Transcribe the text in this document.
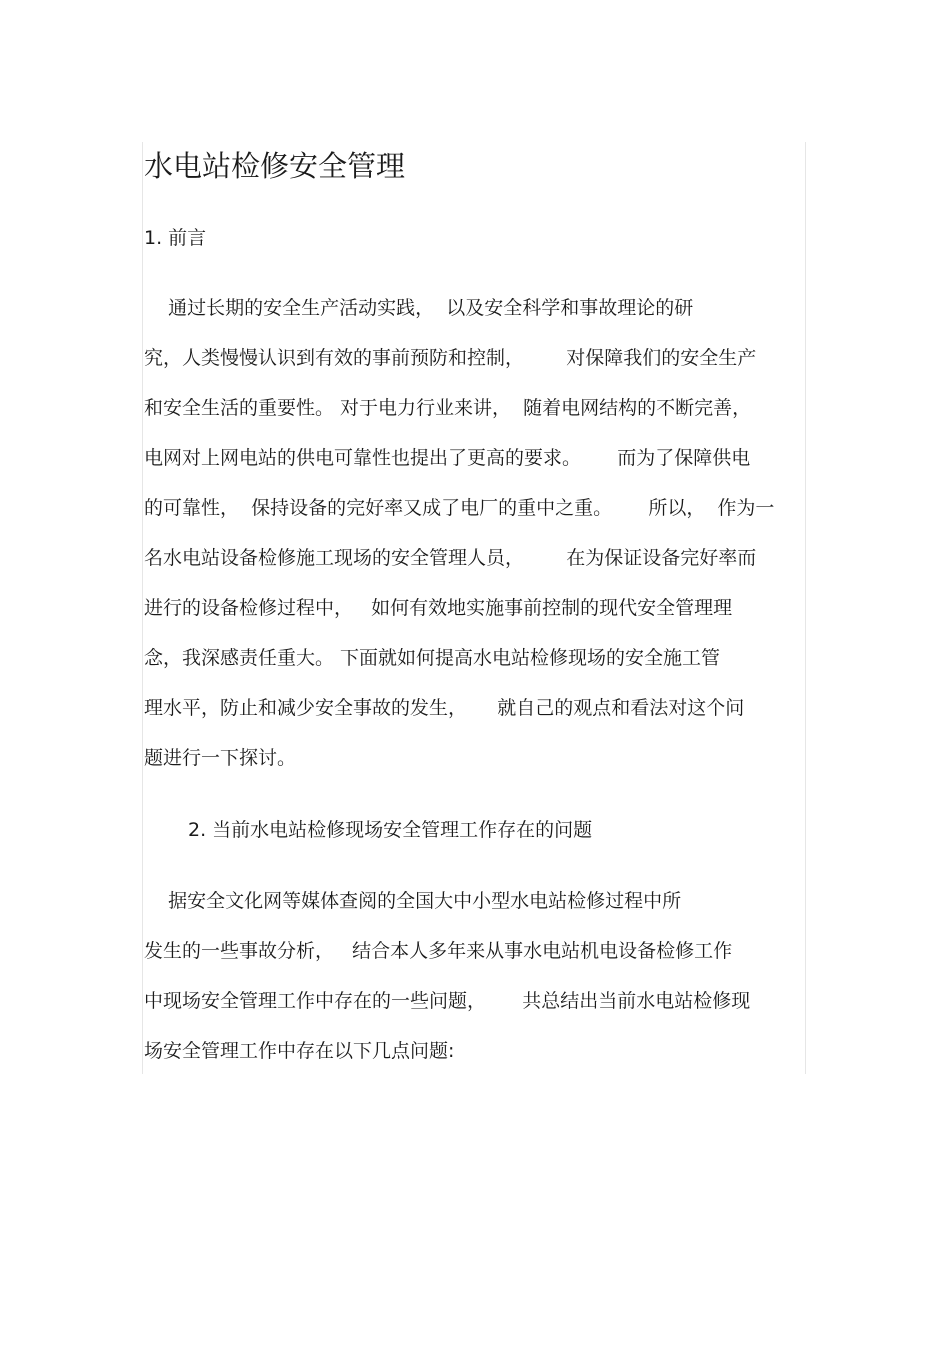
水电站检修安全管理
1. 前言
通过长期的安全生产活动实践，  以及安全科学和事故理论的研
究，人类慢慢认识到有效的事前预防和控制，       对保障我们的安全生产
和安全生活的重要性。 对于电力行业来讲，  随着电网结构的不断完善，
电网对上网电站的供电可靠性也提出了更高的要求。      而为了保障供电
的可靠性，  保持设备的完好率又成了电厂的重中之重。      所以，  作为一
名水电站设备检修施工现场的安全管理人员，       在为保证设备完好率而
进行的设备检修过程中，   如何有效地实施事前控制的现代安全管理理
念，我深感责任重大。 下面就如何提高水电站检修现场的安全施工管
理水平，防止和减少安全事故的发生，     就自己的观点和看法对这个问
题进行一下探讨。
2. 当前水电站检修现场安全管理工作存在的问题
据安全文化网等媒体查阅的全国大中小型水电站检修过程中所
发生的一些事故分析，   结合本人多年来从事水电站机电设备检修工作
中现场安全管理工作中存在的一些问题，      共总结出当前水电站检修现
场安全管理工作中存在以下几点问题:
